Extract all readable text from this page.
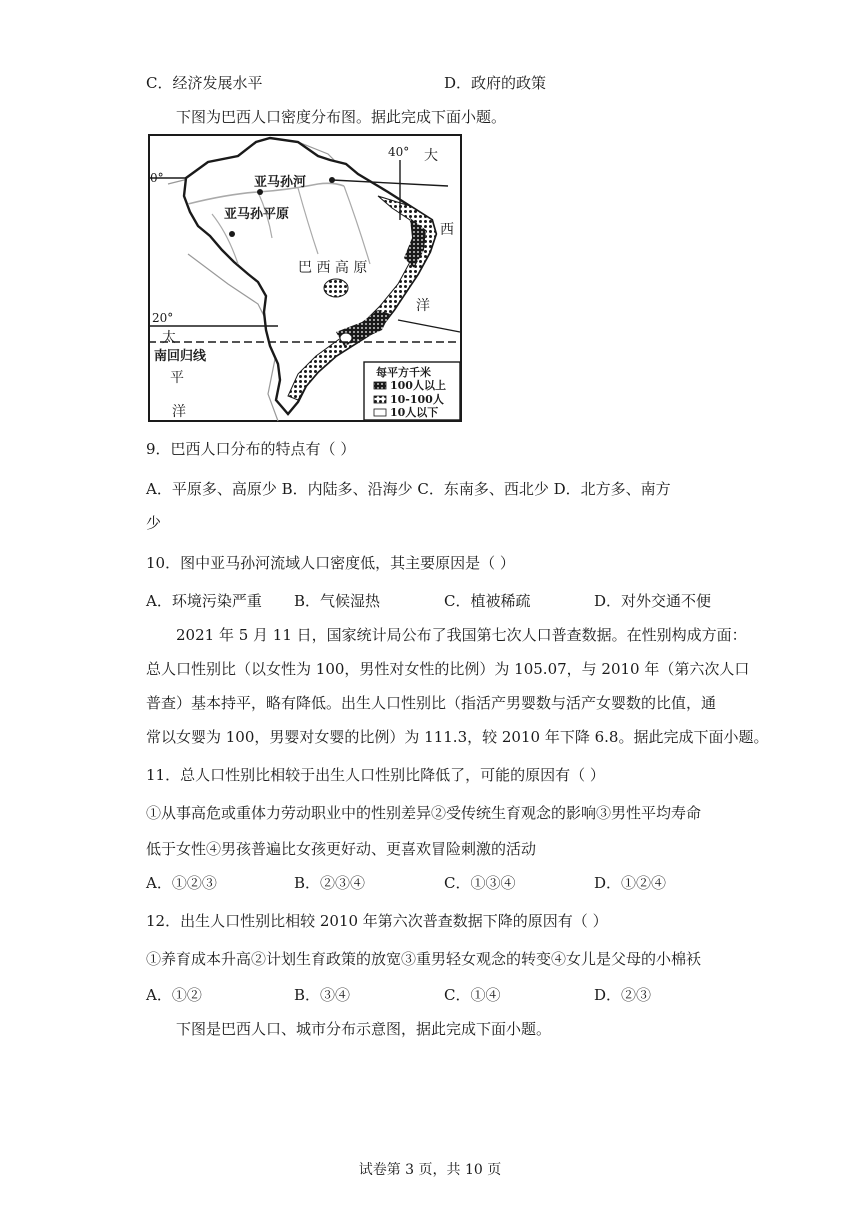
C．经济发展水平	D．政府的政策
下图为巴西人口密度分布图。据此完成下面小题。
亚马孙河
亚马孙平原
巴 西 高 原
0°
40°
20°
南回归线
大
西
洋
太
平
洋
每平方千米
100人以上
10-100人
10人以下
9．巴西人口分布的特点有（ ）
A．平原多、高原少 B．内陆多、沿海少 C．东南多、西北少 D．北方多、南方
少
10．图中亚马孙河流域人口密度低，其主要原因是（ ）
A．环境污染严重 B．气候湿热	C．植被稀疏	D．对外交通不便
2021 年 5 月 11 日，国家统计局公布了我国第七次人口普查数据。在性别构成方面：
总人口性别比（以女性为 100，男性对女性的比例）为 105.07，与 2010 年（第六次人口
普查）基本持平，略有降低。出生人口性别比（指活产男婴数与活产女婴数的比值，通
常以女婴为 100，男婴对女婴的比例）为 111.3，较 2010 年下降 6.8。据此完成下面小题。
11．总人口性别比相较于出生人口性别比降低了，可能的原因有（ ）
①从事高危或重体力劳动职业中的性别差异②受传统生育观念的影响③男性平均寿命
低于女性④男孩普遍比女孩更好动、更喜欢冒险刺激的活动
A．①②③	B．②③④	C．①③④	D．①②④
12．出生人口性别比相较 2010 年第六次普查数据下降的原因有（ ）
①养育成本升高②计划生育政策的放宽③重男轻女观念的转变④女儿是父母的小棉袄
A．①②	B．③④	C．①④	D．②③
下图是巴西人口、城市分布示意图，据此完成下面小题。
试卷第 3 页，共 10 页
